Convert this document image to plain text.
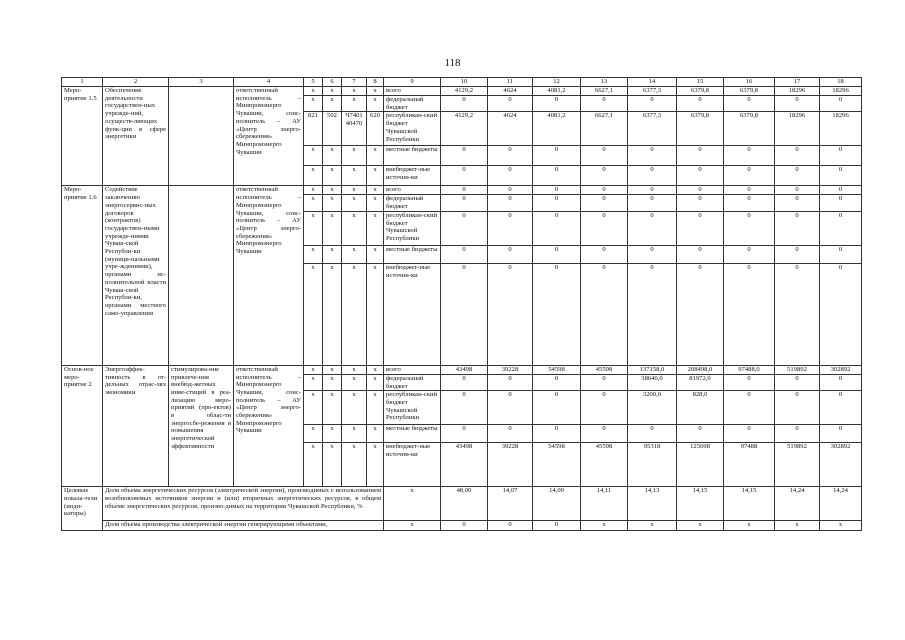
118
1	2	3	4	5	6	7	8	9	10	11	12	13	14	15	16	17	18
Меро-приятие 1.5	Обеспечение деятельности государствен-ных учрежде-ний, осуществ-ляющих функ-ции в сфере энергетики		ответственный исполнитель – Минпромэнерго Чувашии, соис-полнитель – АУ «Центр энерго-сбережения» Минпромэнерго Чувашии	x	x	x	x	всего	4129,2	4624	4081,2	6627,1	6377,3	6379,8	6379,8	18296	18296
				x	x	x	x	федеральный бюджет	0	0	0	0	0	0	0	0	0
				821	502	Ч7401 40470	620	республикан-ский бюджет Чувашской Республики	4129,2	4624	4081,2	6627,1	6377,3	6379,8	6379,8	18296	18296
				x	x	x	x	местные бюджеты	0	0	0	0	0	0	0	0	0
				x	x	x	x	внебюджет-ные источни-ки	0	0	0	0	0	0	0	0	0
Меро-приятие 1.6	Содействие заключению энергосервис-ных договоров (контрактов) государствен-ными учрежде-ниями Чуваш-ской Республи-ки (муници-пальными учре-ждениями), органами ис-полнительной власти Чуваш-ской Республи-ки, органами местного само-управления		ответственный исполнитель – Минпромэнерго Чувашии, соис-полнитель – АУ «Центр энерго-сбережения» Минпромэнерго Чувашии	x	x	x	x	всего	0	0	0	0	0	0	0	0	0
				x	x	x	x	федеральный бюджет	0	0	0	0	0	0	0	0	0
				x	x	x	x	республикан-ский бюджет Чувашской Республики	0	0	0	0	0	0	0	0	0
				x	x	x	x	местные бюджеты	0	0	0	0	0	0	0	0	0
				x	x	x	x	внебюджет-ные источни-ки	0	0	0	0	0	0	0	0	0
Основ-ное меро-приятие 2	Энергоэффек-тивность в от-дельных отрас-лях экономики	стимулирова-ние привлече-ния внебюд-жетных инве-стиций в реа-лизацию меро-приятий (про-ектов) в облас-ти энергосбе-режения и повышения энергетической эффективности	ответственный исполнитель – Минпромэнерго Чувашии, соис-полнитель – АУ «Центр энерго-сбережения» Минпромэнерго Чувашии	x	x	x	x	всего	43498	39228	54598	45598	137158,0	208498,0	97488,0	519892	302892
				x	x	x	x	федеральный бюджет	0	0	0	0	38640,0	81972,0	0	0	0
				x	x	x	x	республикан-ский бюджет Чувашской Республики	0	0	0	0	3200,0	828,0	0	0	0
				x	x	x	x	местные бюджеты	0	0	0	0	0	0	0	0	0
				x	x	x	x	внебюджет-ные источни-ки	43498	39228	54598	45598	95318	125698	97488	519892	302892
Целевые показа-тели (инди-каторы)	Доля объема энергетических ресурсов (электрической энергии), производимых с использованием возобновляемых источников энергии и (или) вторичных энергетических ресурсов, в общем объеме энергетических ресурсов, произво-димых на территории Чувашской Республики, %							x	48,00	14,07	14,09	14,11	14,13	14,15	14,15	14,24	14,24
	Доля объема производства электрической энергии генерирующими объектами,							x	0	0	0	x	x	x	x	x	x
